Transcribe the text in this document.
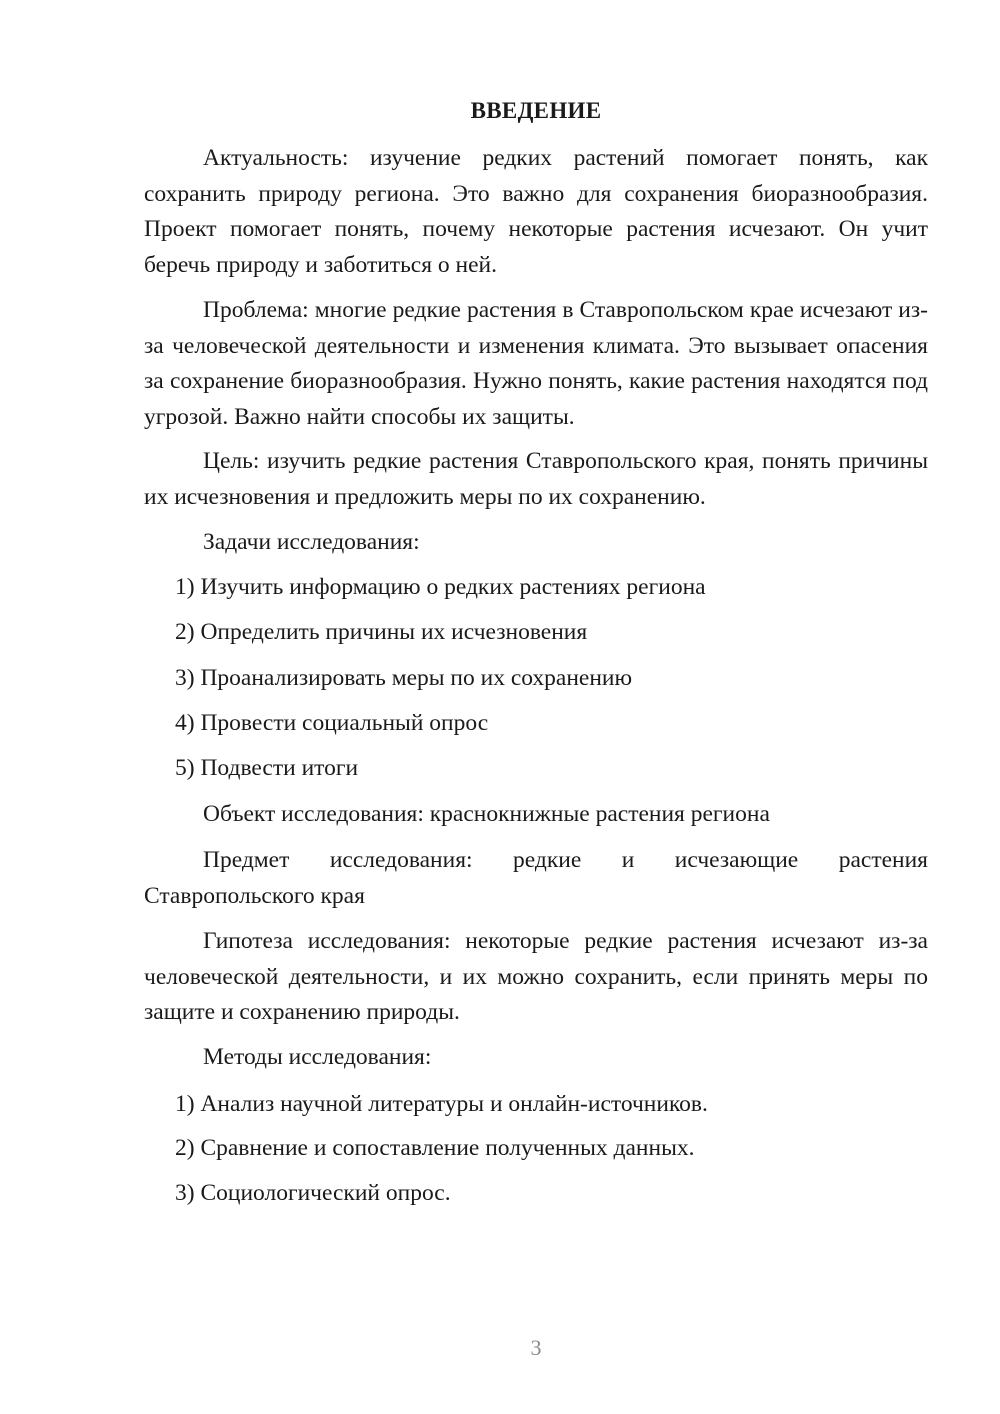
ВВЕДЕНИЕ

Актуальность: изучение редких растений помогает понять, как сохранить природу региона. Это важно для сохранения биоразнообразия. Проект помогает понять, почему некоторые растения исчезают. Он учит беречь природу и заботиться о ней.

Проблема: многие редкие растения в Ставропольском крае исчезают из-за человеческой деятельности и изменения климата. Это вызывает опасения за сохранение биоразнообразия. Нужно понять, какие растения находятся под угрозой. Важно найти способы их защиты.

Цель: изучить редкие растения Ставропольского края, понять причины их исчезновения и предложить меры по их сохранению.

Задачи исследования:

1) Изучить информацию о редких растениях региона

2) Определить причины их исчезновения

3) Проанализировать меры по их сохранению

4) Провести социальный опрос

5) Подвести итоги

Объект исследования: краснокнижные растения региона

Предмет исследования: редкие и исчезающие растения Ставропольского края

Гипотеза исследования: некоторые редкие растения исчезают из-за человеческой деятельности, и их можно сохранить, если принять меры по защите и сохранению природы.

Методы исследования:

1) Анализ научной литературы и онлайн-источников.

2) Сравнение и сопоставление полученных данных.

3) Социологический опрос.

3
